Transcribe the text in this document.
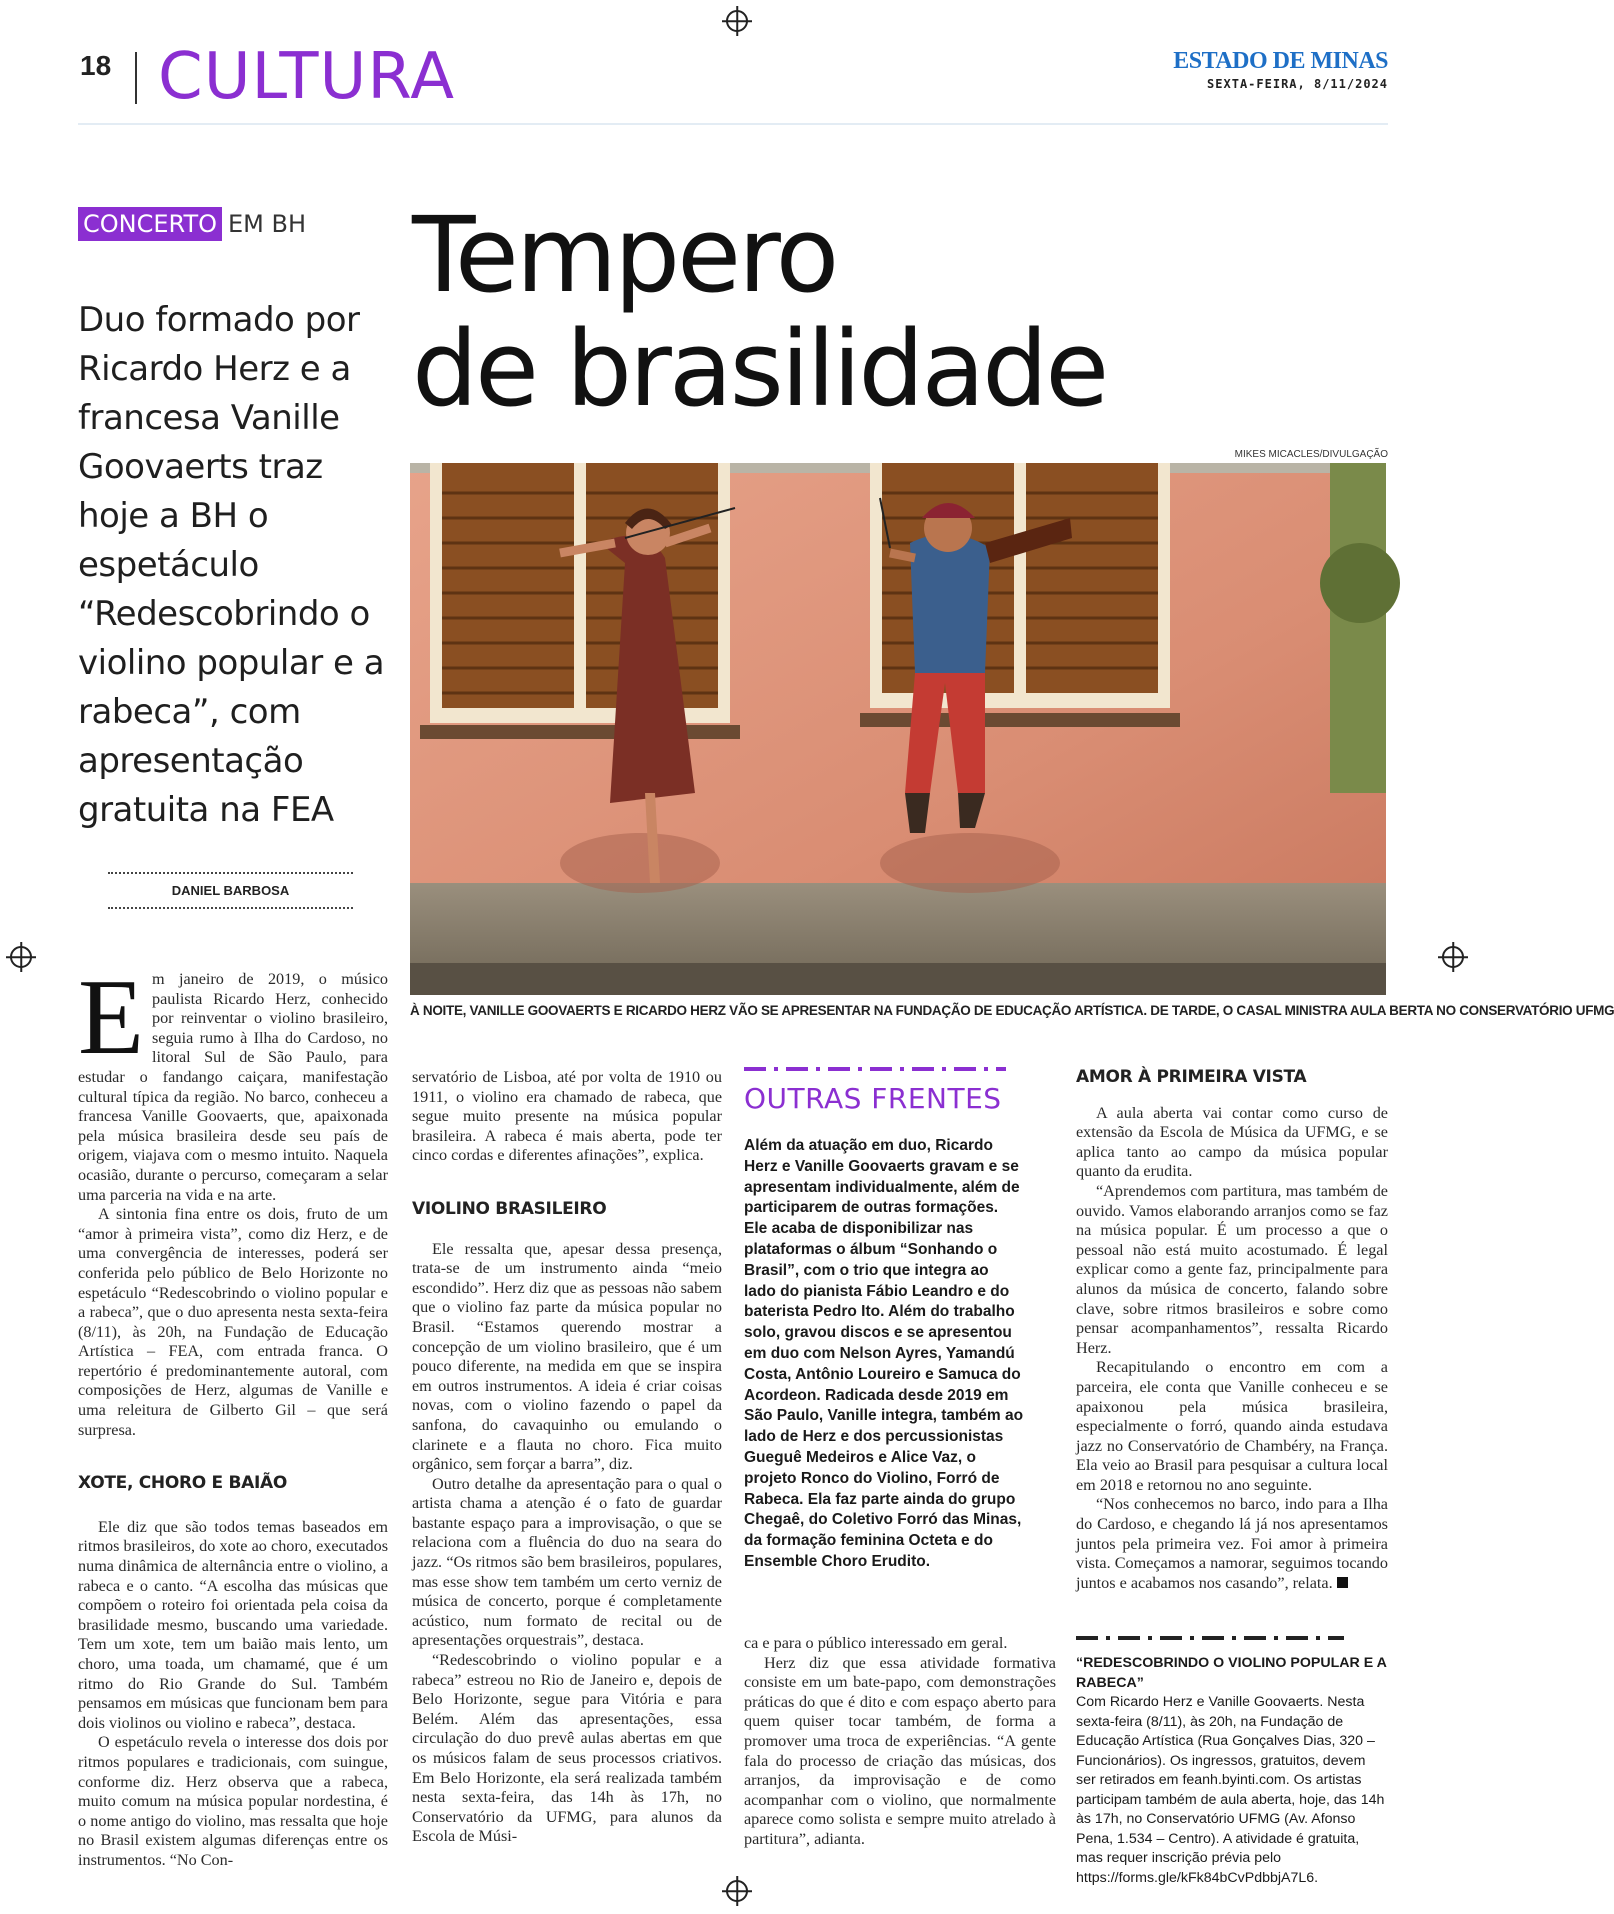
18 CULTURA	ESTADO DE MINAS
SEXTA-FEIRA, 8/11/2024
CONCERTO EM BH
Duo formado por Ricardo Herz e a francesa Vanille Goovaerts traz hoje a BH o espetáculo “Redescobrindo o violino popular e a rabeca”, com apresentação gratuita na FEA
Tempero
de brasilidade
MIKES MICACLES/DIVULGAÇÃO
À NOITE, VANILLE GOOVAERTS E RICARDO HERZ VÃO SE APRESENTAR NA FUNDAÇÃO DE EDUCAÇÃO ARTÍSTICA. DE TARDE, O CASAL MINISTRA AULA BERTA NO CONSERVATÓRIO UFMG
DANIEL BARBOSA

Em janeiro de 2019, o músico paulista Ricardo Herz, conhecido por reinventar o violino brasileiro, seguia rumo à Ilha do Cardoso, no litoral Sul de São Paulo, para estudar o fandango caiçara, manifestação cultural típica da região. No barco, conheceu a francesa Vanille Goovaerts, que, apaixonada pela música brasileira desde seu país de origem, viajava com o mesmo intuito. Naquela ocasião, durante o percurso, começaram a selar uma parceria na vida e na arte.

A sintonia fina entre os dois, fruto de um “amor à primeira vista”, como diz Herz, e de uma convergência de interesses, poderá ser conferida pelo público de Belo Horizonte no espetáculo “Redescobrindo o violino popular e a rabeca”, que o duo apresenta nesta sexta-feira (8/11), às 20h, na Fundação de Educação Artística – FEA, com entrada franca. O repertório é predominantemente autoral, com composições de Herz, algumas de Vanille e uma releitura de Gilberto Gil – que será surpresa.

XOTE, CHORO E BAIÃO

Ele diz que são todos temas baseados em ritmos brasileiros, do xote ao choro, executados numa dinâmica de alternância entre o violino, a rabeca e o canto. “A escolha das músicas que compõem o roteiro foi orientada pela coisa da brasilidade mesmo, buscando uma variedade. Tem um xote, tem um baião mais lento, um choro, uma toada, um chamamé, que é um ritmo do Rio Grande do Sul. Também pensamos em músicas que funcionam bem para dois violinos ou violino e rabeca”, destaca.

O espetáculo revela o interesse dos dois por ritmos populares e tradicionais, com suingue, conforme diz. Herz observa que a rabeca, muito comum na música popular nordestina, é o nome antigo do violino, mas ressalta que hoje no Brasil existem algumas diferenças entre os instrumentos. “No Con-

servatório de Lisboa, até por volta de 1910 ou 1911, o violino era chamado de rabeca, que segue muito presente na música popular brasileira. A rabeca é mais aberta, pode ter cinco cordas e diferentes afinações”, explica.

VIOLINO BRASILEIRO

Ele ressalta que, apesar dessa presença, trata-se de um instrumento ainda “meio escondido”. Herz diz que as pessoas não sabem que o violino faz parte da música popular no Brasil. “Estamos querendo mostrar a concepção de um violino brasileiro, que é um pouco diferente, na medida em que se inspira em outros instrumentos. A ideia é criar coisas novas, com o violino fazendo o papel da sanfona, do cavaquinho ou emulando o clarinete e a flauta no choro. Fica muito orgânico, sem forçar a barra”, diz.

Outro detalhe da apresentação para o qual o artista chama a atenção é o fato de guardar bastante espaço para a improvisação, o que se relaciona com a fluência do duo na seara do jazz. “Os ritmos são bem brasileiros, populares, mas esse show tem também um certo verniz de música de concerto, porque é completamente acústico, num formato de recital ou de apresentações orquestrais”, destaca.

“Redescobrindo o violino popular e a rabeca” estreou no Rio de Janeiro e, depois de Belo Horizonte, segue para Vitória e para Belém. Além das apresentações, essa circulação do duo prevê aulas abertas em que os músicos falam de seus processos criativos. Em Belo Horizonte, ela será realizada também nesta sexta-feira, das 14h às 17h, no Conservatório da UFMG, para alunos da Escola de Músi-

OUTRAS FRENTES
Além da atuação em duo, Ricardo Herz e Vanille Goovaerts gravam e se apresentam individualmente, além de participarem de outras formações. Ele acaba de disponibilizar nas plataformas o álbum “Sonhando o Brasil”, com o trio que integra ao lado do pianista Fábio Leandro e do baterista Pedro Ito. Além do trabalho solo, gravou discos e se apresentou em duo com Nelson Ayres, Yamandú Costa, Antônio Loureiro e Samuca do Acordeon. Radicada desde 2019 em São Paulo, Vanille integra, também ao lado de Herz e dos percussionistas Gueguê Medeiros e Alice Vaz, o projeto Ronco do Violino, Forró de Rabeca. Ela faz parte ainda do grupo Chegaê, do Coletivo Forró das Minas, da formação feminina Octeta e do Ensemble Choro Erudito.

ca e para o público interessado em geral.

Herz diz que essa atividade formativa consiste em um bate-papo, com demonstrações práticas do que é dito e com espaço aberto para quem quiser tocar também, de forma a promover uma troca de experiências. “A gente fala do processo de criação das músicas, dos arranjos, da improvisação e de como acompanhar com o violino, que normalmente aparece como solista e sempre muito atrelado à partitura”, adianta.

AMOR À PRIMEIRA VISTA

A aula aberta vai contar como curso de extensão da Escola de Música da UFMG, e se aplica tanto ao campo da música popular quanto da erudita.

“Aprendemos com partitura, mas também de ouvido. Vamos elaborando arranjos como se faz na música popular. É um processo a que o pessoal não está muito acostumado. É legal explicar como a gente faz, principalmente para alunos da música de concerto, falando sobre clave, sobre ritmos brasileiros e sobre como pensar acompanhamentos”, ressalta Ricardo Herz.

Recapitulando o encontro em com a parceira, ele conta que Vanille conheceu e se apaixonou pela música brasileira, especialmente o forró, quando ainda estudava jazz no Conservatório de Chambéry, na França. Ela veio ao Brasil para pesquisar a cultura local em 2018 e retornou no ano seguinte.

“Nos conhecemos no barco, indo para a Ilha do Cardoso, e chegando lá já nos apresentamos juntos pela primeira vez. Foi amor à primeira vista. Começamos a namorar, seguimos tocando juntos e acabamos nos casando”, relata.

“REDESCOBRINDO O VIOLINO POPULAR E A RABECA”
Com Ricardo Herz e Vanille Goovaerts. Nesta sexta-feira (8/11), às 20h, na Fundação de Educação Artística (Rua Gonçalves Dias, 320 – Funcionários). Os ingressos, gratuitos, devem ser retirados em feanh.byinti.com. Os artistas participam também de aula aberta, hoje, das 14h às 17h, no Conservatório UFMG (Av. Afonso Pena, 1.534 – Centro). A atividade é gratuita, mas requer inscrição prévia pelo https://forms.gle/kFk84bCvPdbbjA7L6.
